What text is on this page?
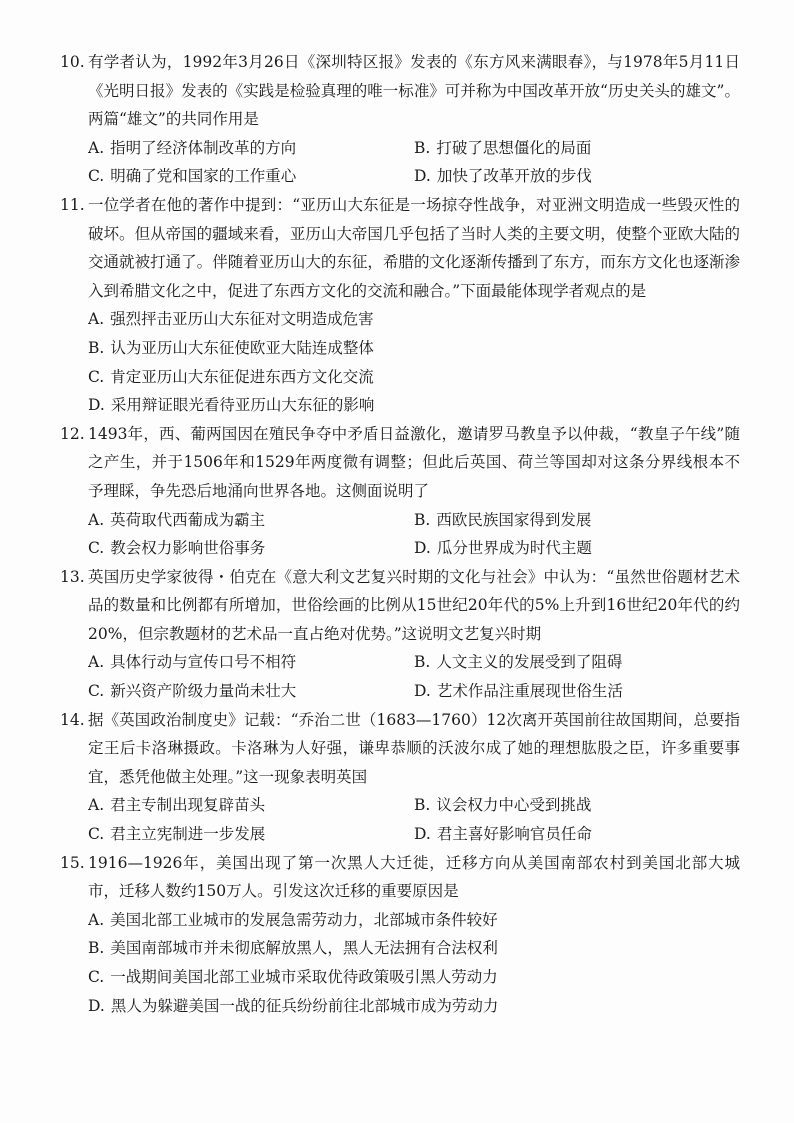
10. 有学者认为，1992年3月26日《深圳特区报》发表的《东方风来满眼春》，与1978年5月11日《光明日报》发表的《实践是检验真理的唯一标准》可并称为中国改革开放“历史关头的雄文”。两篇“雄文”的共同作用是

A. 指明了经济体制改革的方向	B. 打破了思想僵化的局面
C. 明确了党和国家的工作重心	D. 加快了改革开放的步伐

11. 一位学者在他的著作中提到：“亚历山大东征是一场掠夺性战争，对亚洲文明造成一些毁灭性的破坏。但从帝国的疆域来看，亚历山大帝国几乎包括了当时人类的主要文明，使整个亚欧大陆的交通就被打通了。伴随着亚历山大的东征，希腊的文化逐渐传播到了东方，而东方文化也逐渐渗入到希腊文化之中，促进了东西方文化的交流和融合。”下面最能体现学者观点的是

A. 强烈抨击亚历山大东征对文明造成危害
B. 认为亚历山大东征使欧亚大陆连成整体
C. 肯定亚历山大东征促进东西方文化交流
D. 采用辩证眼光看待亚历山大东征的影响

12. 1493年，西、葡两国因在殖民争夺中矛盾日益激化，邀请罗马教皇予以仲裁，“教皇子午线”随之产生，并于1506年和1529年两度微有调整；但此后英国、荷兰等国却对这条分界线根本不予理睬，争先恐后地涌向世界各地。这侧面说明了

A. 英荷取代西葡成为霸主	B. 西欧民族国家得到发展
C. 教会权力影响世俗事务	D. 瓜分世界成为时代主题

13. 英国历史学家彼得・伯克在《意大利文艺复兴时期的文化与社会》中认为：“虽然世俗题材艺术品的数量和比例都有所增加，世俗绘画的比例从15世纪20年代的5%上升到16世纪20年代的约20%，但宗教题材的艺术品一直占绝对优势。”这说明文艺复兴时期

A. 具体行动与宣传口号不相符	B. 人文主义的发展受到了阻碍
C. 新兴资产阶级力量尚未壮大	D. 艺术作品注重展现世俗生活

14. 据《英国政治制度史》记载：“乔治二世（1683—1760）12次离开英国前往故国期间，总要指定王后卡洛琳摄政。卡洛琳为人好强，谦卑恭顺的沃波尔成了她的理想肱股之臣，许多重要事宜，悉凭他做主处理。”这一现象表明英国

A. 君主专制出现复辟苗头	B. 议会权力中心受到挑战
C. 君主立宪制进一步发展	D. 君主喜好影响官员任命

15. 1916—1926年，美国出现了第一次黑人大迁徙，迁移方向从美国南部农村到美国北部大城市，迁移人数约150万人。引发这次迁移的重要原因是

A. 美国北部工业城市的发展急需劳动力，北部城市条件较好
B. 美国南部城市并未彻底解放黑人，黑人无法拥有合法权利
C. 一战期间美国北部工业城市采取优待政策吸引黑人劳动力
D. 黑人为躲避美国一战的征兵纷纷前往北部城市成为劳动力
